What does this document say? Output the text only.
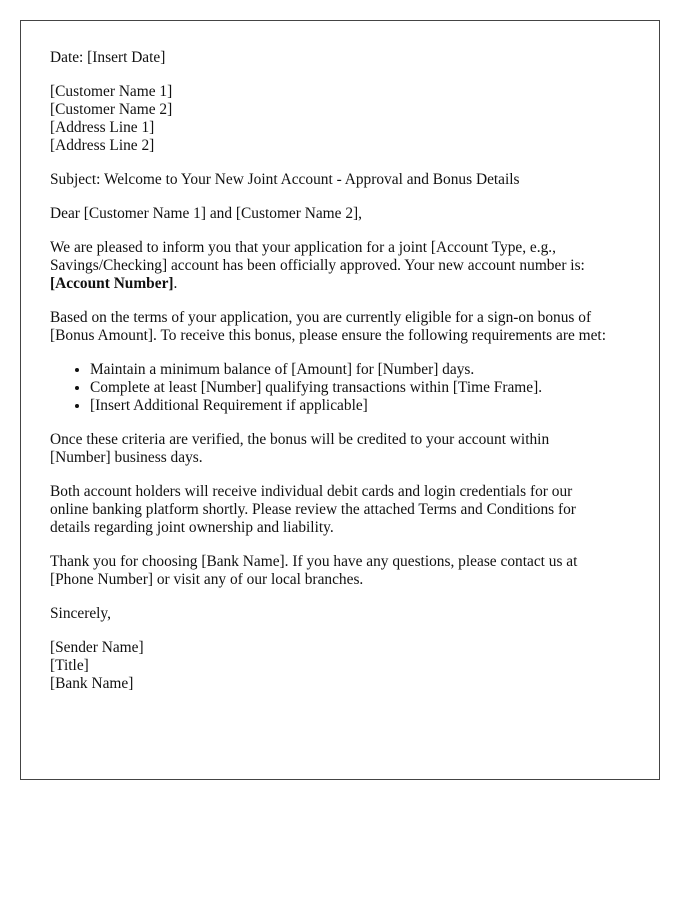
Date: [Insert Date]

[Customer Name 1]
[Customer Name 2]
[Address Line 1]
[Address Line 2]

Subject: Welcome to Your New Joint Account - Approval and Bonus Details

Dear [Customer Name 1] and [Customer Name 2],

We are pleased to inform you that your application for a joint [Account Type, e.g.,
Savings/Checking] account has been officially approved. Your new account number is:
[Account Number].

Based on the terms of your application, you are currently eligible for a sign-on bonus of
[Bonus Amount]. To receive this bonus, please ensure the following requirements are met:

• Maintain a minimum balance of [Amount] for [Number] days.
• Complete at least [Number] qualifying transactions within [Time Frame].
• [Insert Additional Requirement if applicable]

Once these criteria are verified, the bonus will be credited to your account within
[Number] business days.

Both account holders will receive individual debit cards and login credentials for our
online banking platform shortly. Please review the attached Terms and Conditions for
details regarding joint ownership and liability.

Thank you for choosing [Bank Name]. If you have any questions, please contact us at
[Phone Number] or visit any of our local branches.

Sincerely,

[Sender Name]
[Title]
[Bank Name]
